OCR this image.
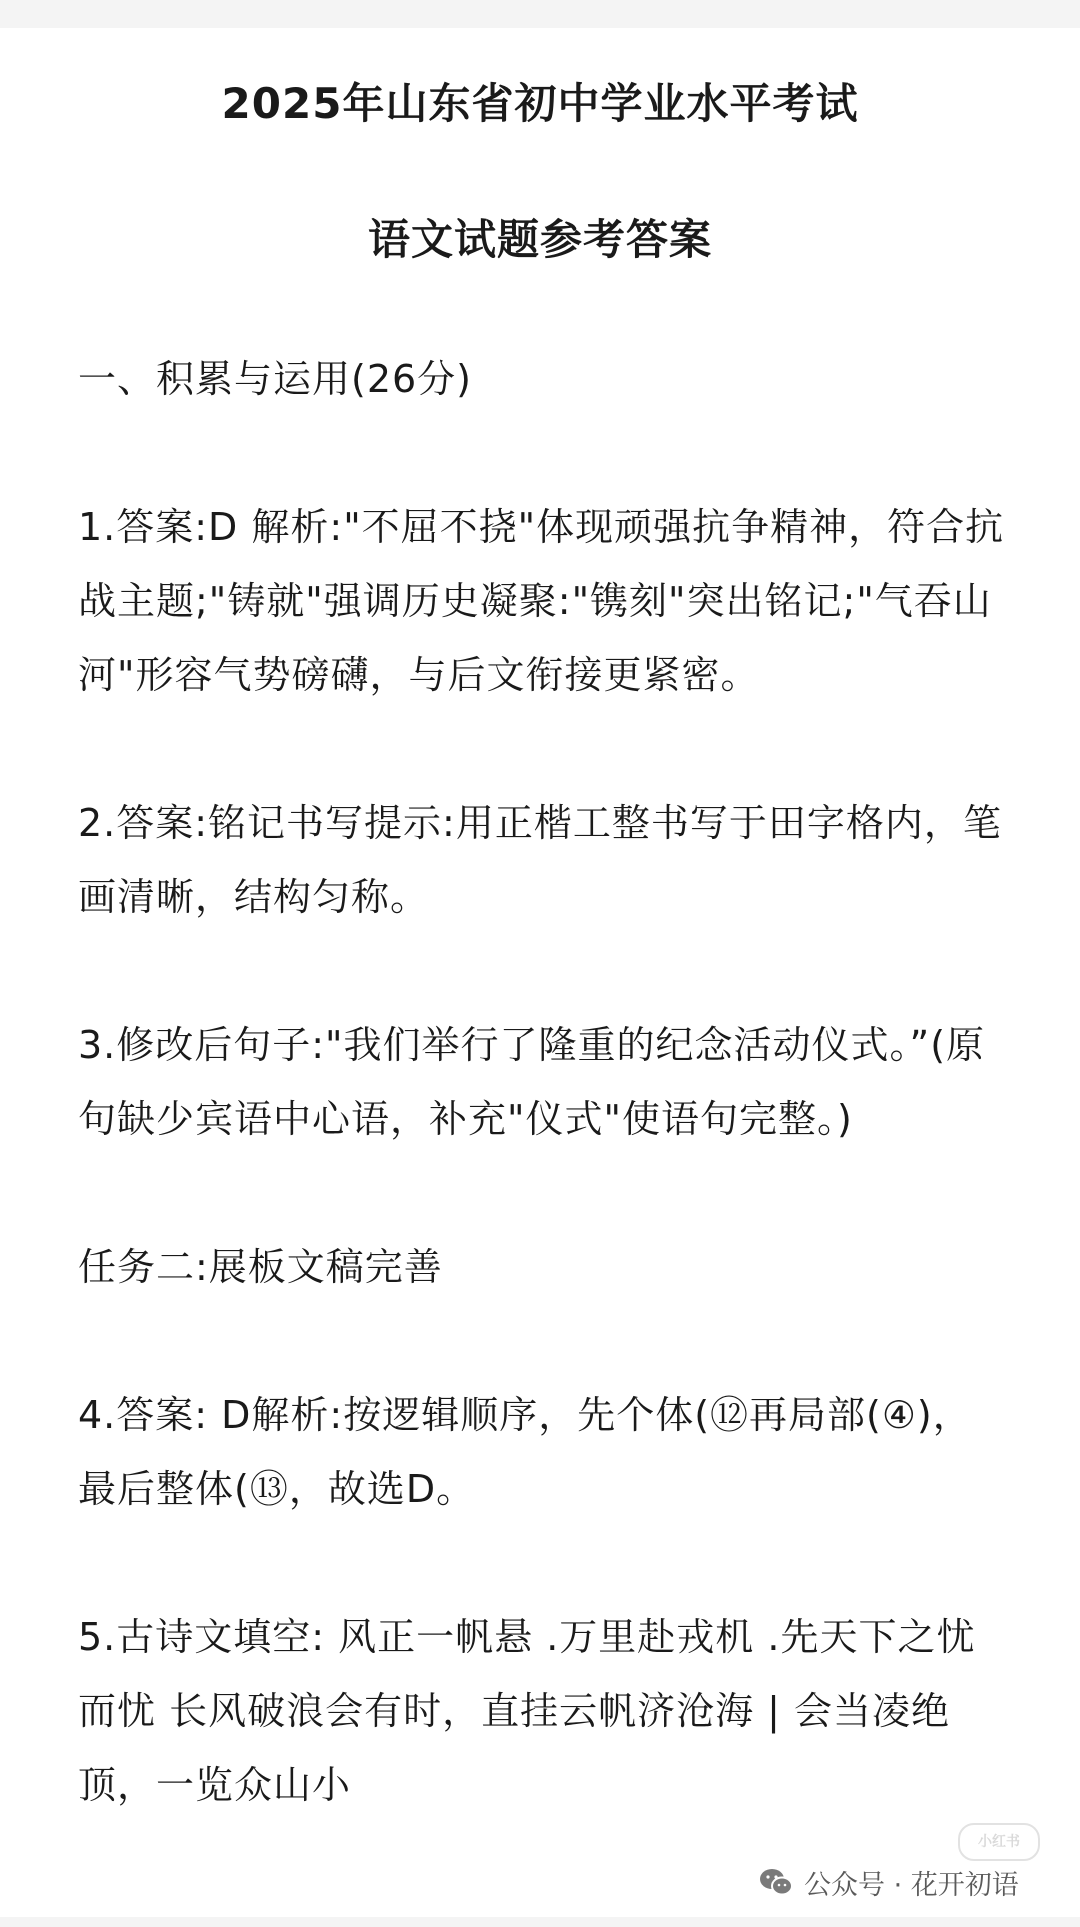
2025年山东省初中学业水平考试
语文试题参考答案

一、积累与运用(26分)

1.答案:D 解析:"不屈不挠"体现顽强抗争精神，符合抗战主题;"铸就"强调历史凝聚:"镌刻"突出铭记;"气吞山河"形容气势磅礴，与后文衔接更紧密。

2.答案:铭记书写提示:用正楷工整书写于田字格内，笔画清晰，结构匀称。

3.修改后句子:"我们举行了隆重的纪念活动仪式。”(原句缺少宾语中心语，补充"仪式"使语句完整。)

任务二:展板文稿完善

4.答案: D解析:按逻辑顺序，先个体(⑫再局部(④)，最后整体(⑬，故选D。

5.古诗文填空: 风正一帆悬 .万里赴戎机 .先天下之忧而忧 长风破浪会有时，直挂云帆济沧海 | 会当凌绝顶，一览众山小

小红书
公众号 · 花开初语
